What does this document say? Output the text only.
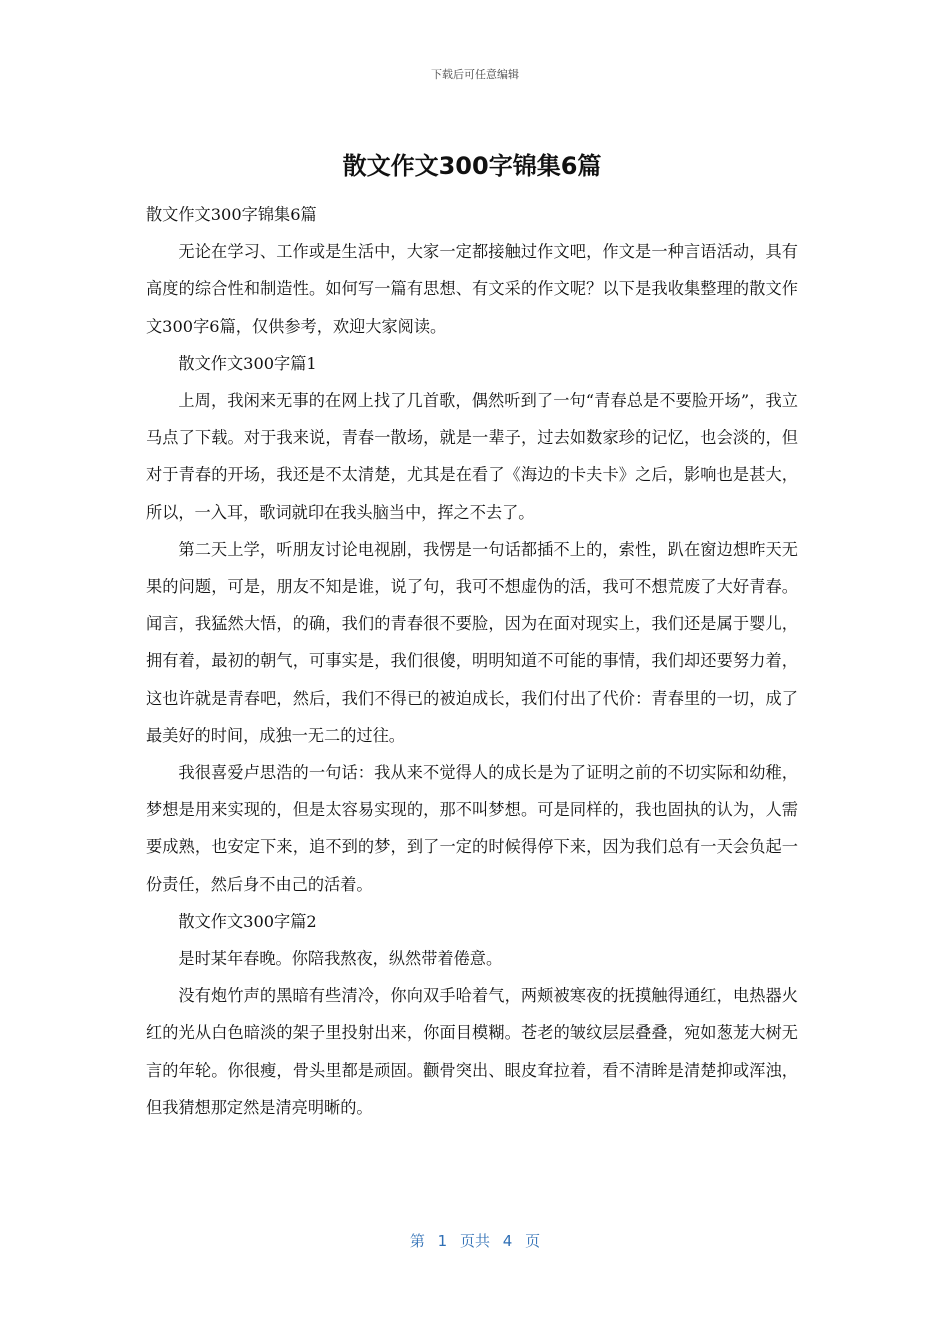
下载后可任意编辑
散文作文300字锦集6篇

散文作文300字锦集6篇

无论在学习、工作或是生活中，大家一定都接触过作文吧，作文是一种言语活动，具有高度的综合性和制造性。如何写一篇有思想、有文采的作文呢？以下是我收集整理的散文作文300字6篇，仅供参考，欢迎大家阅读。

散文作文300字篇1

上周，我闲来无事的在网上找了几首歌，偶然听到了一句“青春总是不要脸开场”，我立马点了下载。对于我来说，青春一散场，就是一辈子，过去如数家珍的记忆，也会淡的，但对于青春的开场，我还是不太清楚，尤其是在看了《海边的卡夫卡》之后，影响也是甚大，所以，一入耳，歌词就印在我头脑当中，挥之不去了。

第二天上学，听朋友讨论电视剧，我愣是一句话都插不上的，索性，趴在窗边想昨天无果的问题，可是，朋友不知是谁，说了句，我可不想虚伪的活，我可不想荒废了大好青春。闻言，我猛然大悟，的确，我们的青春很不要脸，因为在面对现实上，我们还是属于婴儿，拥有着，最初的朝气，可事实是，我们很傻，明明知道不可能的事情，我们却还要努力着，这也许就是青春吧，然后，我们不得已的被迫成长，我们付出了代价：青春里的一切，成了最美好的时间，成独一无二的过往。

我很喜爱卢思浩的一句话：我从来不觉得人的成长是为了证明之前的不切实际和幼稚，梦想是用来实现的，但是太容易实现的，那不叫梦想。可是同样的，我也固执的认为，人需要成熟，也安定下来，追不到的梦，到了一定的时候得停下来，因为我们总有一天会负起一份责任，然后身不由己的活着。

散文作文300字篇2

是时某年春晚。你陪我熬夜，纵然带着倦意。

没有炮竹声的黑暗有些清冷，你向双手哈着气，两颊被寒夜的抚摸触得通红，电热器火红的光从白色暗淡的架子里投射出来，你面目模糊。苍老的皱纹层层叠叠，宛如葱茏大树无言的年轮。你很瘦，骨头里都是顽固。颧骨突出、眼皮耷拉着，看不清眸是清楚抑或浑浊，但我猜想那定然是清亮明晰的。

第 1 页共 4 页
